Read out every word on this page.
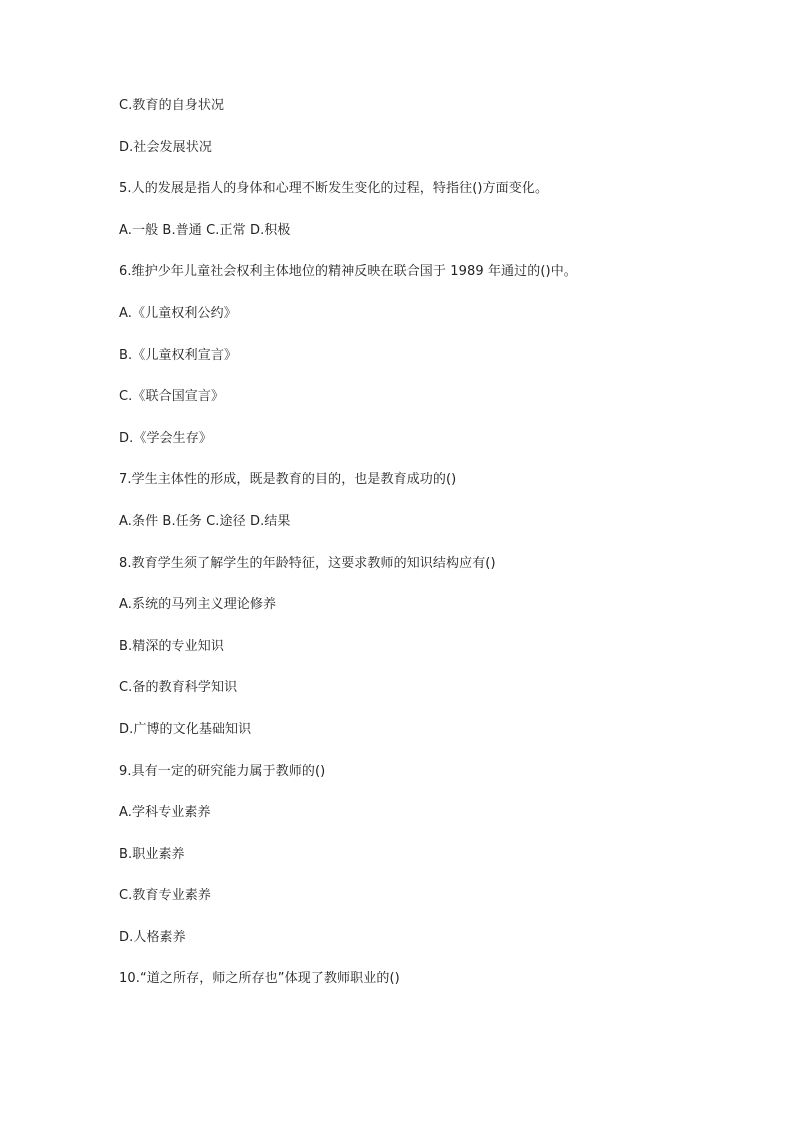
C.教育的自身状况
D.社会发展状况
5.人的发展是指人的身体和心理不断发生变化的过程，特指往()方面变化。
A.一般 B.普通 C.正常 D.积极
6.维护少年儿童社会权利主体地位的精神反映在联合国于 1989 年通过的()中。
A.《儿童权利公约》
B.《儿童权利宣言》
C.《联合国宣言》
D.《学会生存》
7.学生主体性的形成，既是教育的目的，也是教育成功的()
A.条件 B.任务 C.途径 D.结果
8.教育学生须了解学生的年龄特征，这要求教师的知识结构应有()
A.系统的马列主义理论修养
B.精深的专业知识
C.备的教育科学知识
D.广博的文化基础知识
9.具有一定的研究能力属于教师的()
A.学科专业素养
B.职业素养
C.教育专业素养
D.人格素养
10.“道之所存，师之所存也”体现了教师职业的()
